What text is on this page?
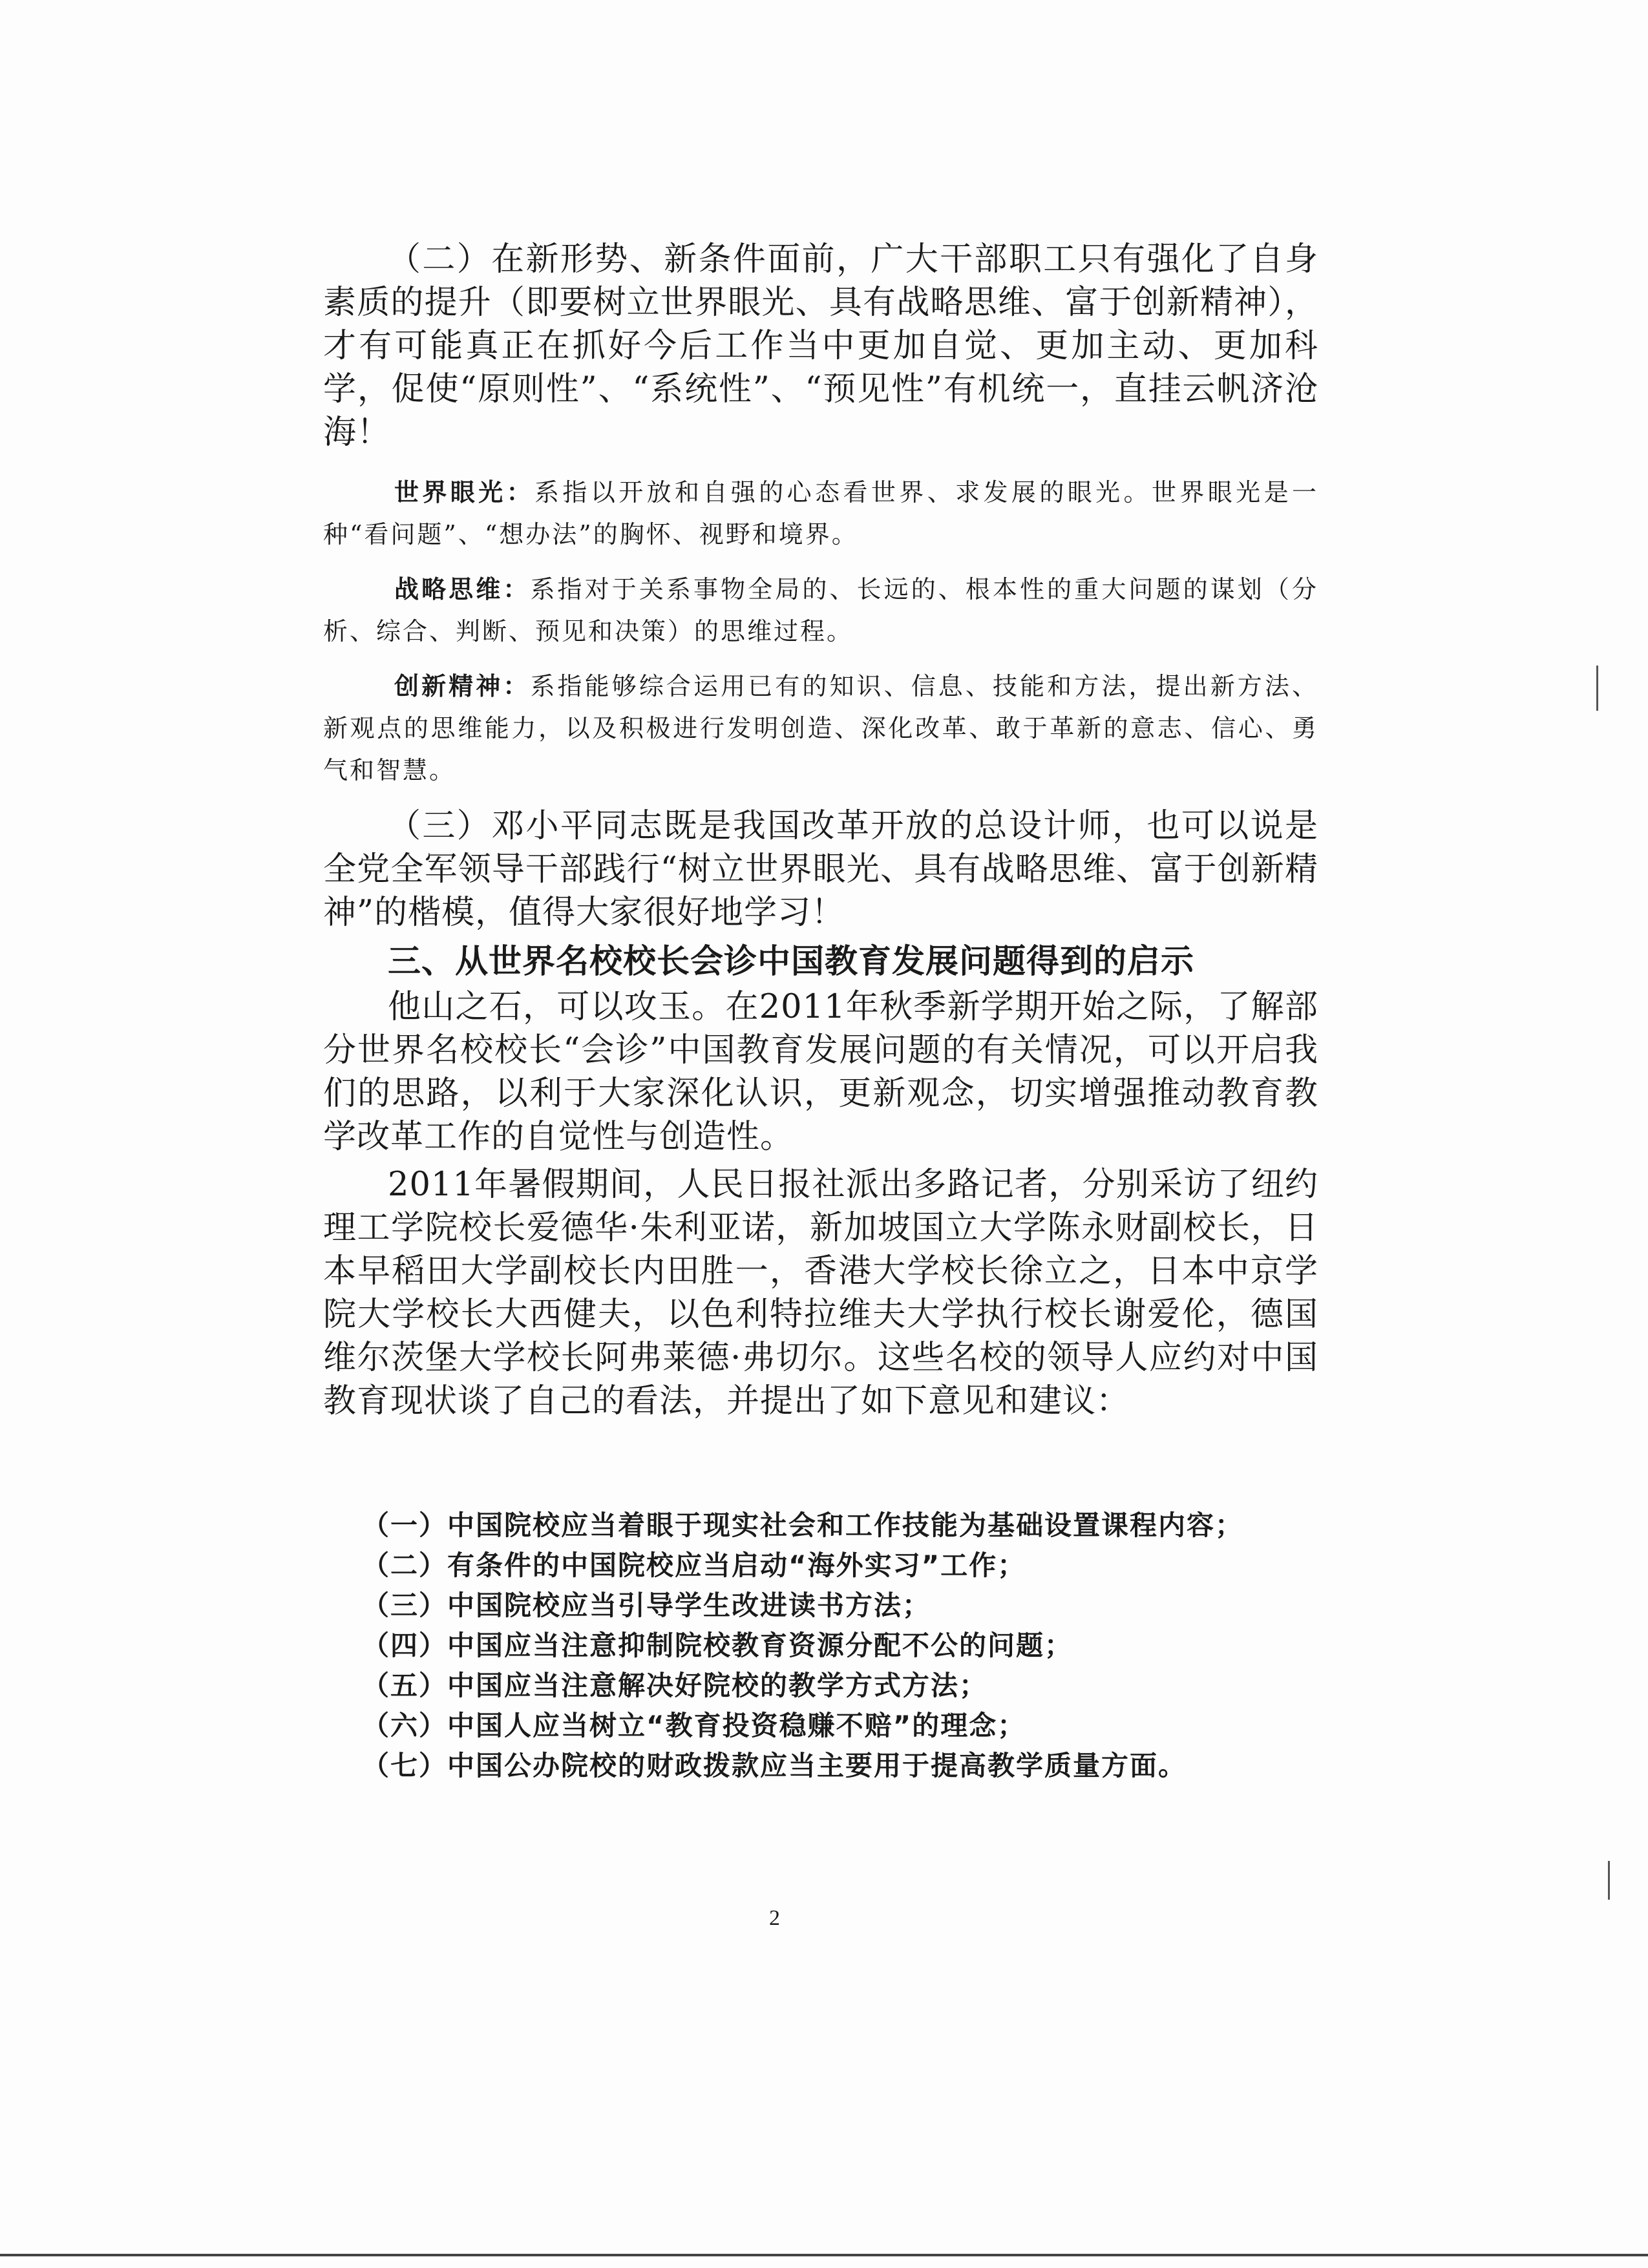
（二）在新形势、新条件面前，广大干部职工只有强化了自身素质的提升（即要树立世界眼光、具有战略思维、富于创新精神），才有可能真正在抓好今后工作当中更加自觉、更加主动、更加科学，促使“原则性”、“系统性”、“预见性”有机统一，直挂云帆济沧海！

世界眼光：系指以开放和自强的心态看世界、求发展的眼光。世界眼光是一种“看问题”、“想办法”的胸怀、视野和境界。

战略思维：系指对于关系事物全局的、长远的、根本性的重大问题的谋划（分析、综合、判断、预见和决策）的思维过程。

创新精神：系指能够综合运用已有的知识、信息、技能和方法，提出新方法、新观点的思维能力，以及积极进行发明创造、深化改革、敢于革新的意志、信心、勇气和智慧。

（三）邓小平同志既是我国改革开放的总设计师，也可以说是全党全军领导干部践行“树立世界眼光、具有战略思维、富于创新精神”的楷模，值得大家很好地学习！

三、从世界名校校长会诊中国教育发展问题得到的启示

他山之石，可以攻玉。在2011年秋季新学期开始之际，了解部分世界名校校长“会诊”中国教育发展问题的有关情况，可以开启我们的思路，以利于大家深化认识，更新观念，切实增强推动教育教学改革工作的自觉性与创造性。

2011年暑假期间，人民日报社派出多路记者，分别采访了纽约理工学院校长爱德华·朱利亚诺，新加坡国立大学陈永财副校长，日本早稻田大学副校长内田胜一，香港大学校长徐立之，日本中京学院大学校长大西健夫，以色利特拉维夫大学执行校长谢爱伦，德国维尔茨堡大学校长阿弗莱德·弗切尔。这些名校的领导人应约对中国教育现状谈了自己的看法，并提出了如下意见和建议：

（一）中国院校应当着眼于现实社会和工作技能为基础设置课程内容；
（二）有条件的中国院校应当启动“海外实习”工作；
（三）中国院校应当引导学生改进读书方法；
（四）中国应当注意抑制院校教育资源分配不公的问题；
（五）中国应当注意解决好院校的教学方式方法；
（六）中国人应当树立“教育投资稳赚不赔”的理念；
（七）中国公办院校的财政拨款应当主要用于提高教学质量方面。
2
